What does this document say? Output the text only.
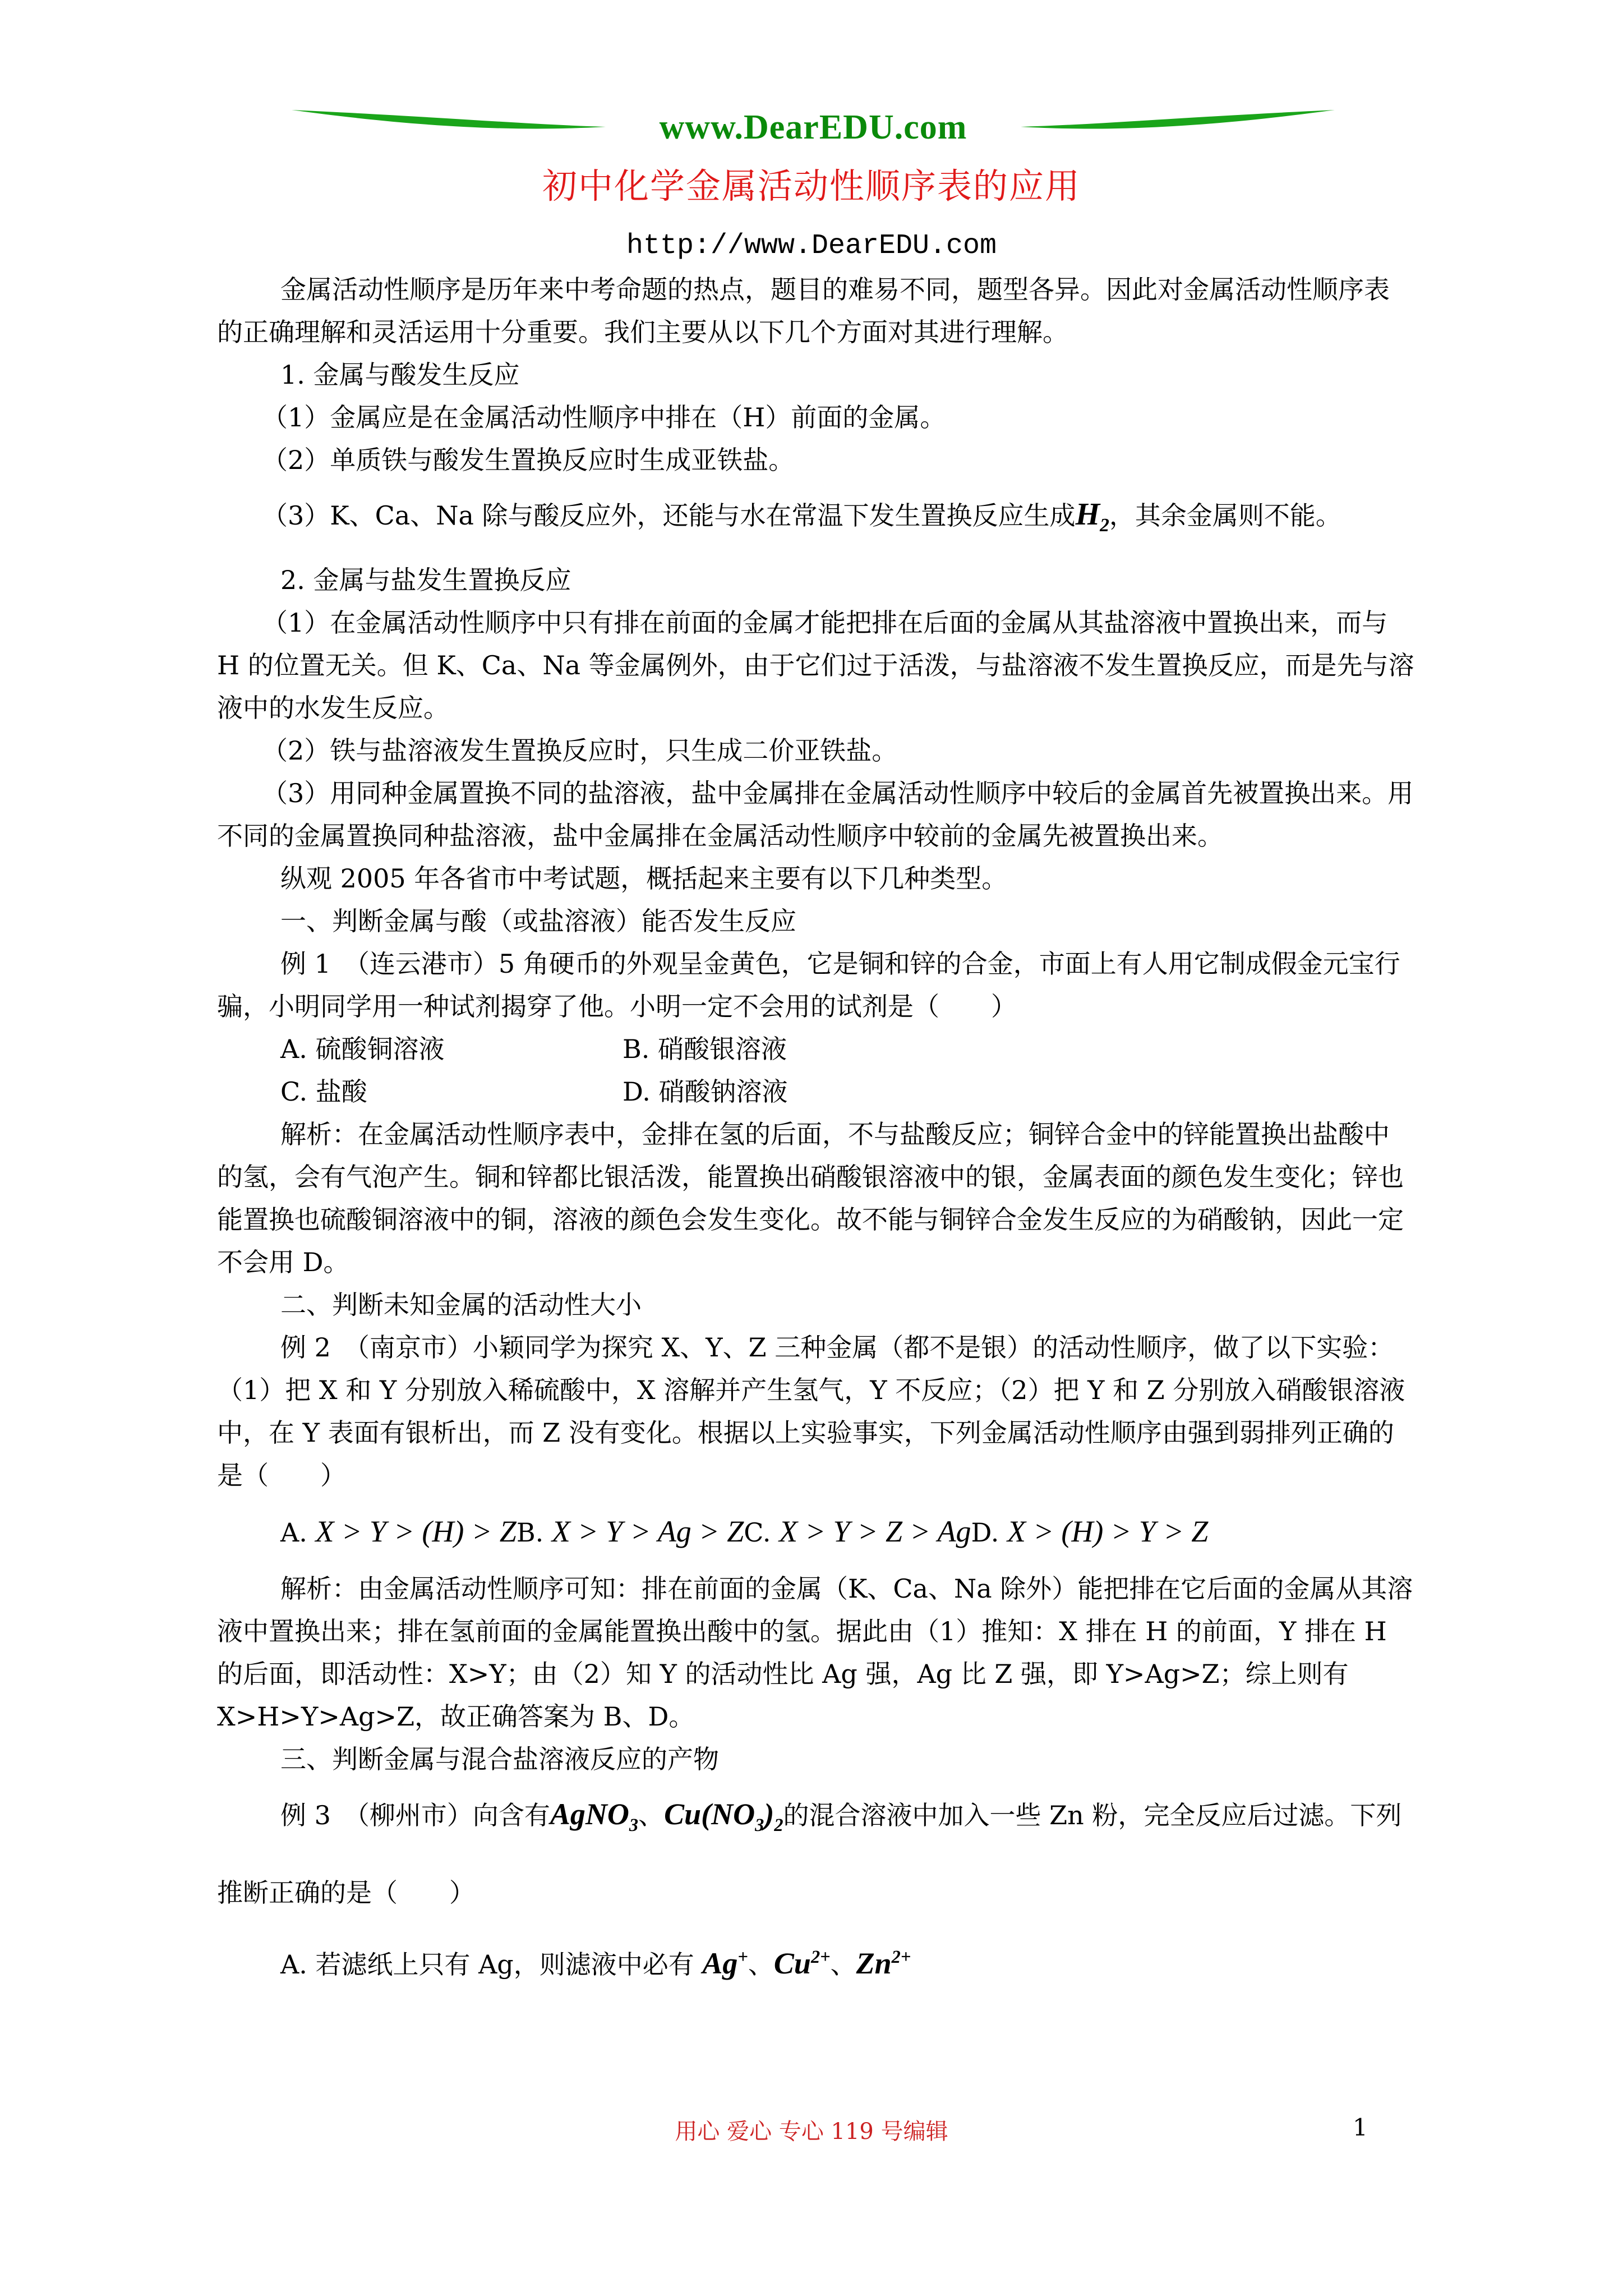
www.DearEDU.com
初中化学金属活动性顺序表的应用
http://www.DearEDU.com

金属活动性顺序是历年来中考命题的热点，题目的难易不同，题型各异。因此对金属活动性顺序表的正确理解和灵活运用十分重要。我们主要从以下几个方面对其进行理解。

1. 金属与酸发生反应

（1）金属应是在金属活动性顺序中排在（H）前面的金属。

（2）单质铁与酸发生置换反应时生成亚铁盐。

（3）K、Ca、Na 除与酸反应外，还能与水在常温下发生置换反应生成$H_2$，其余金属则不能。

2. 金属与盐发生置换反应

（1）在金属活动性顺序中只有排在前面的金属才能把排在后面的金属从其盐溶液中置换出来，而与 H 的位置无关。但 K、Ca、Na 等金属例外，由于它们过于活泼，与盐溶液不发生置换反应，而是先与溶液中的水发生反应。

（2）铁与盐溶液发生置换反应时，只生成二价亚铁盐。

（3）用同种金属置换不同的盐溶液，盐中金属排在金属活动性顺序中较后的金属首先被置换出来。用不同的金属置换同种盐溶液，盐中金属排在金属活动性顺序中较前的金属先被置换出来。

纵观 2005 年各省市中考试题，概括起来主要有以下几种类型。

一、判断金属与酸（或盐溶液）能否发生反应

例 1　（连云港市）5 角硬币的外观呈金黄色，它是铜和锌的合金，市面上有人用它制成假金元宝行骗，小明同学用一种试剂揭穿了他。小明一定不会用的试剂是（　　）

A. 硫酸铜溶液	B. 硝酸银溶液
C. 盐酸	D. 硝酸钠溶液

解析：在金属活动性顺序表中，金排在氢的后面，不与盐酸反应；铜锌合金中的锌能置换出盐酸中的氢，会有气泡产生。铜和锌都比银活泼，能置换出硝酸银溶液中的银，金属表面的颜色发生变化；锌也能置换也硫酸铜溶液中的铜，溶液的颜色会发生变化。故不能与铜锌合金发生反应的为硝酸钠，因此一定不会用 D。

二、判断未知金属的活动性大小

例 2　（南京市）小颖同学为探究 X、Y、Z 三种金属（都不是银）的活动性顺序，做了以下实验：（1）把 X 和 Y 分别放入稀硫酸中，X 溶解并产生氢气，Y 不反应；（2）把 Y 和 Z 分别放入硝酸银溶液中，在 Y 表面有银析出，而 Z 没有变化。根据以上实验事实，下列金属活动性顺序由强到弱排列正确的是（　　）

A. X > Y > (H) > ZB. X > Y > Ag > ZC. X > Y > Z > AgD. X > (H) > Y > Z

解析：由金属活动性顺序可知：排在前面的金属（K、Ca、Na 除外）能把排在它后面的金属从其溶液中置换出来；排在氢前面的金属能置换出酸中的氢。据此由（1）推知：X 排在 H 的前面，Y 排在 H 的后面，即活动性：X>Y；由（2）知 Y 的活动性比 Ag 强，Ag 比 Z 强，即 Y>Ag>Z；综上则有 X>H>Y>Ag>Z，故正确答案为 B、D。

三、判断金属与混合盐溶液反应的产物

例 3　（柳州市）向含有AgNO$_3$、$Cu(NO_3)_2$的混合溶液中加入一些 Zn 粉，完全反应后过滤。下列推断正确的是（　　）

A. 若滤纸上只有 Ag，则滤液中必有 Ag+、$Cu^{2+}$、$Zn^{2+}$

用心 爱心 专心 119 号编辑	1
